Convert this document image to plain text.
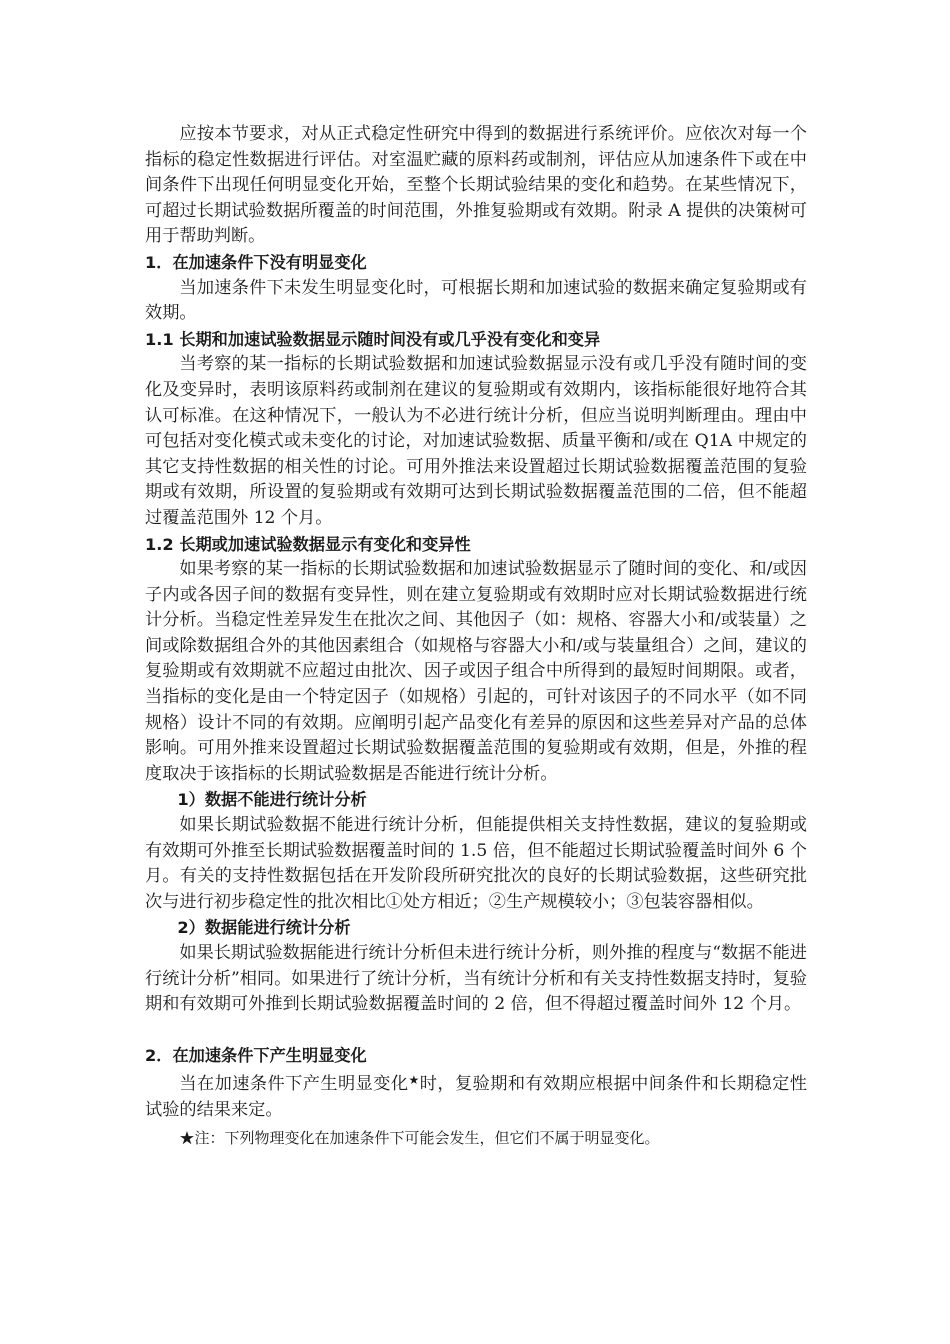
应按本节要求，对从正式稳定性研究中得到的数据进行系统评价。应依次对每一个指标的稳定性数据进行评估。对室温贮藏的原料药或制剂，评估应从加速条件下或在中间条件下出现任何明显变化开始，至整个长期试验结果的变化和趋势。在某些情况下，可超过长期试验数据所覆盖的时间范围，外推复验期或有效期。附录 A 提供的决策树可用于帮助判断。

1．在加速条件下没有明显变化

当加速条件下未发生明显变化时，可根据长期和加速试验的数据来确定复验期或有效期。

1.1 长期和加速试验数据显示随时间没有或几乎没有变化和变异

当考察的某一指标的长期试验数据和加速试验数据显示没有或几乎没有随时间的变化及变异时，表明该原料药或制剂在建议的复验期或有效期内，该指标能很好地符合其认可标准。在这种情况下，一般认为不必进行统计分析，但应当说明判断理由。理由中可包括对变化模式或未变化的讨论，对加速试验数据、质量平衡和/或在 Q1A 中规定的其它支持性数据的相关性的讨论。可用外推法来设置超过长期试验数据覆盖范围的复验期或有效期，所设置的复验期或有效期可达到长期试验数据覆盖范围的二倍，但不能超过覆盖范围外 12 个月。

1.2 长期或加速试验数据显示有变化和变异性

如果考察的某一指标的长期试验数据和加速试验数据显示了随时间的变化、和/或因子内或各因子间的数据有变异性，则在建立复验期或有效期时应对长期试验数据进行统计分析。当稳定性差异发生在批次之间、其他因子（如：规格、容器大小和/或装量）之间或除数据组合外的其他因素组合（如规格与容器大小和/或与装量组合）之间，建议的复验期或有效期就不应超过由批次、因子或因子组合中所得到的最短时间期限。或者，当指标的变化是由一个特定因子（如规格）引起的，可针对该因子的不同水平（如不同规格）设计不同的有效期。应阐明引起产品变化有差异的原因和这些差异对产品的总体影响。可用外推来设置超过长期试验数据覆盖范围的复验期或有效期，但是，外推的程度取决于该指标的长期试验数据是否能进行统计分析。

1）数据不能进行统计分析

如果长期试验数据不能进行统计分析，但能提供相关支持性数据，建议的复验期或有效期可外推至长期试验数据覆盖时间的 1.5 倍，但不能超过长期试验覆盖时间外 6 个月。有关的支持性数据包括在开发阶段所研究批次的良好的长期试验数据，这些研究批次与进行初步稳定性的批次相比①处方相近；②生产规模较小；③包装容器相似。

2）数据能进行统计分析

如果长期试验数据能进行统计分析但未进行统计分析，则外推的程度与“数据不能进行统计分析”相同。如果进行了统计分析，当有统计分析和有关支持性数据支持时，复验期和有效期可外推到长期试验数据覆盖时间的 2 倍，但不得超过覆盖时间外 12 个月。

2．在加速条件下产生明显变化

当在加速条件下产生明显变化★时，复验期和有效期应根据中间条件和长期稳定性试验的结果来定。

★注：下列物理变化在加速条件下可能会发生，但它们不属于明显变化。
